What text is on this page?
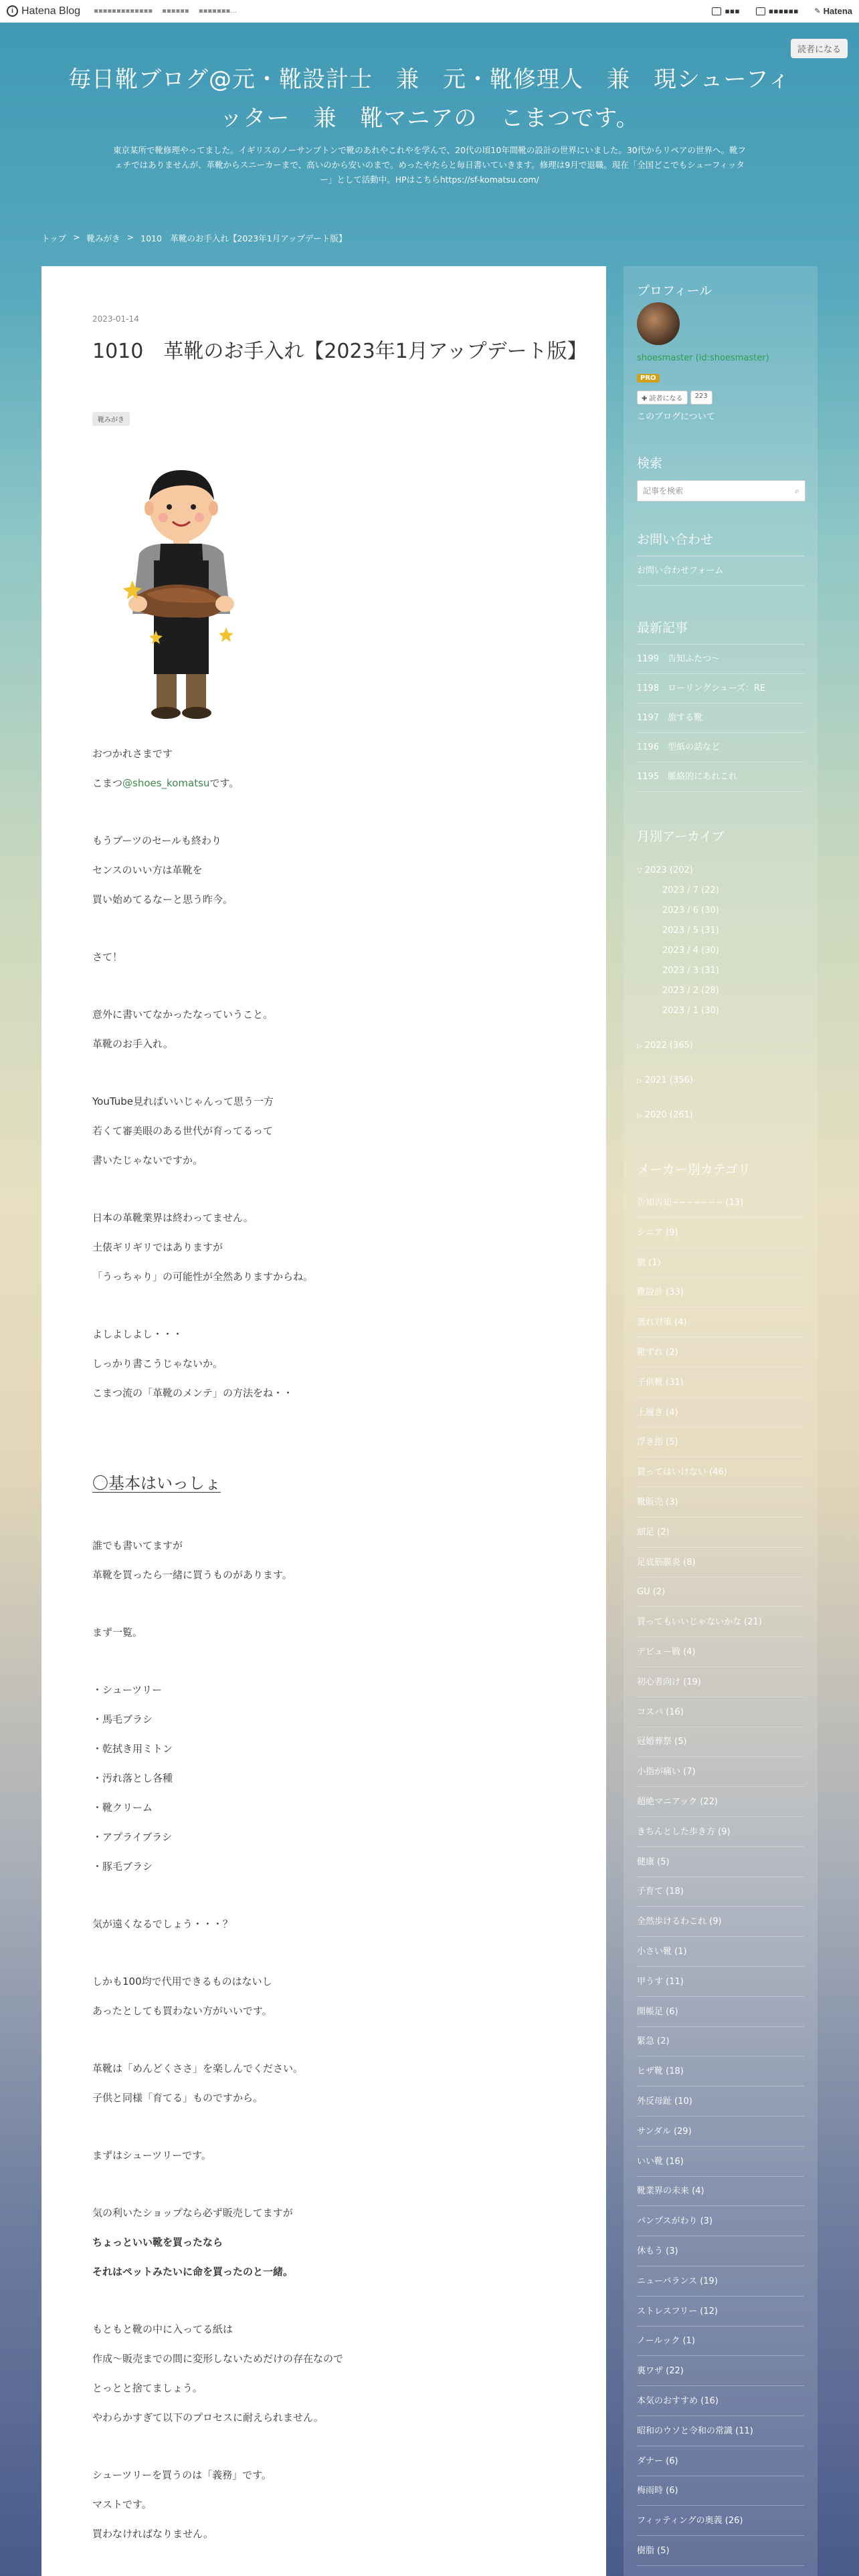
i Hatena Blog ▪▪▪▪▪▪▪▪▪▪▪▪▪ ▪▪▪▪▪▪ ▪▪▪▪▪▪▪...	▪▪▪	▪▪▪▪▪▪ ✎ Hatena
読者になる
毎日靴ブログ@元・靴設計士　兼　元・靴修理人　兼　現シューフィ
ッター　兼　靴マニアの　こまつです。
東京某所で靴修理やってました。イギリスのノーサンプトンで靴のあれやこれやを学んで、20代の頃10年間靴の設計の世界にいました。30代からリペアの世界へ。靴フ
ェチではありませんが、革靴からスニーカーまで、高いのから安いのまで。めったやたらと毎日書いていきます。修理は9月で退職。現在「全国どこでもシューフィッタ
ー」として活動中。HPはこちらhttps://sf-komatsu.com/
トップ > 靴みがき > 1010　革靴のお手入れ【2023年1月アップデート版】
2023-01-14
1010　革靴のお手入れ【2023年1月アップデート版】
靴みがき
おつかれさまです
こまつ@shoes_komatsuです。
もうブーツのセールも終わり
センスのいい方は革靴を
買い始めてるなーと思う昨今。
さて！
意外に書いてなかったなっていうこと。
革靴のお手入れ。
YouTube見ればいいじゃんって思う一方
若くて審美眼のある世代が育ってるって
書いたじゃないですか。
日本の革靴業界は終わってません。
土俵ギリギリではありますが
「うっちゃり」の可能性が全然ありますからね。
よしよしよし・・・
しっかり書こうじゃないか。
こまつ流の「革靴のメンテ」の方法をね・・
〇基本はいっしょ
誰でも書いてますが
革靴を買ったら一緒に買うものがあります。
まず一覧。
・シューツリー
・馬毛ブラシ
・乾拭き用ミトン
・汚れ落とし各種
・靴クリーム
・アプライブラシ
・豚毛ブラシ
気が遠くなるでしょう・・・？
しかも100均で代用できるものはないし
あったとしても買わない方がいいです。
革靴は「めんどくささ」を楽しんでください。
子供と同様「育てる」ものですから。
まずはシューツリーです。
気の利いたショップなら必ず販売してますが
ちょっといい靴を買ったなら
それはペットみたいに命を買ったのと一緒。
もともと靴の中に入ってる紙は
作成～販売までの間に変形しないためだけの存在なので
とっとと捨てましょう。
やわらかすぎて以下のプロセスに耐えられません。
シューツリーを買うのは「義務」です。
マストです。
買わなければなりません。
プロフィール
shoesmaster (id:shoesmaster)
PRO
✚ 読者になる	223
このブログについて
検索
記事を検索	⌕
お問い合わせ
お問い合わせフォーム
最新記事
1199　告知ふたつ〜
1198　ローリングシューズ：RE
1197　旅する靴
1196　型紙の話など
1195　脈絡的にあれこれ
月別アーカイブ
▽ 2023 (202)
2023 / 7 (22)
2023 / 6 (30)
2023 / 5 (31)
2023 / 4 (30)
2023 / 3 (31)
2023 / 2 (28)
2023 / 1 (30)
▷ 2022 (365)
▷ 2021 (356)
▷ 2020 (261)
メーカー別カテゴリ
告知告知−−−−−−− (13)
シニア (9)
旅 (1)
靴設計 (33)
蒸れ対策 (4)
靴ずれ (2)
子供靴 (31)
上履き (4)
浮き指 (5)
買ってはいけない (46)
靴販売 (3)
細足 (2)
足底筋膜炎 (8)
GU (2)
買ってもいいじゃないかな (21)
デビュー戦 (4)
初心者向け (19)
コスパ (16)
冠婚葬祭 (5)
小指が痛い (7)
超絶マニアック (22)
きちんとした歩き方 (9)
健康 (5)
子育て (18)
全然歩けるわこれ (9)
小さい靴 (1)
甲うす (11)
開帳足 (6)
緊急 (2)
ヒザ靴 (18)
外反母趾 (10)
サンダル (29)
いい靴 (16)
靴業界の未来 (4)
パンプスがわり (3)
休もう (3)
ニューバランス (19)
ストレスフリー (12)
ノールック (1)
裏ワザ (22)
本気のおすすめ (16)
昭和のウソと令和の常識 (11)
ダナー (6)
梅雨時 (6)
フィッティングの奥義 (26)
樹脂 (5)
